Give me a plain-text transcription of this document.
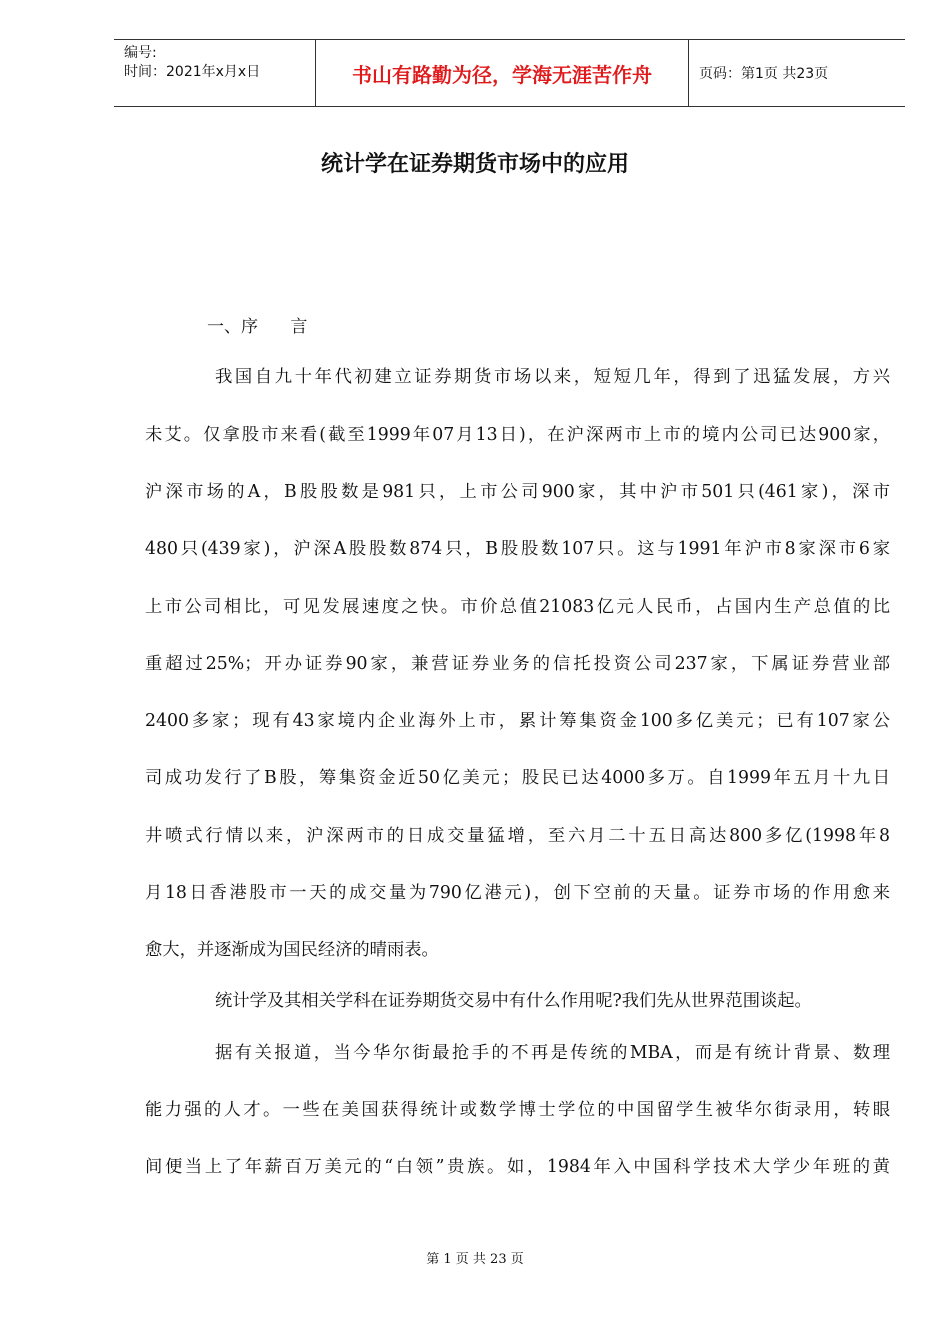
编号:
时间：2021年x月x日	书山有路勤为径，学海无涯苦作舟	页码：第1页 共23页
统计学在证券期货市场中的应用
一、序      言
我国自九十年代初建立证券期货市场以来，短短几年，得到了迅猛发展，方兴
未艾。仅拿股市来看(截至1999年07月13日)，在沪深两市上市的境内公司已达900家，
沪深市场的A，B股股数是981只，上市公司900家，其中沪市501只(461家)，深市
480只(439家)，沪深A股股数874只，B股股数107只。这与1991年沪市8家深市6家
上市公司相比，可见发展速度之快。市价总值21083亿元人民币，占国内生产总值的比
重超过25%；开办证券90家，兼营证券业务的信托投资公司237家，下属证券营业部
2400多家；现有43家境内企业海外上市，累计筹集资金100多亿美元；已有107家公
司成功发行了B股，筹集资金近50亿美元；股民已达4000多万。自1999年五月十九日
井喷式行情以来，沪深两市的日成交量猛增，至六月二十五日高达800多亿(1998年8
月18日香港股市一天的成交量为790亿港元)，创下空前的天量。证券市场的作用愈来
愈大，并逐渐成为国民经济的晴雨表。
统计学及其相关学科在证券期货交易中有什么作用呢?我们先从世界范围谈起。
据有关报道，当今华尔街最抢手的不再是传统的MBA，而是有统计背景、数理
能力强的人才。一些在美国获得统计或数学博士学位的中国留学生被华尔街录用，转眼
间便当上了年薪百万美元的“白领”贵族。如，1984年入中国科学技术大学少年班的黄
第 1 页 共 23 页
